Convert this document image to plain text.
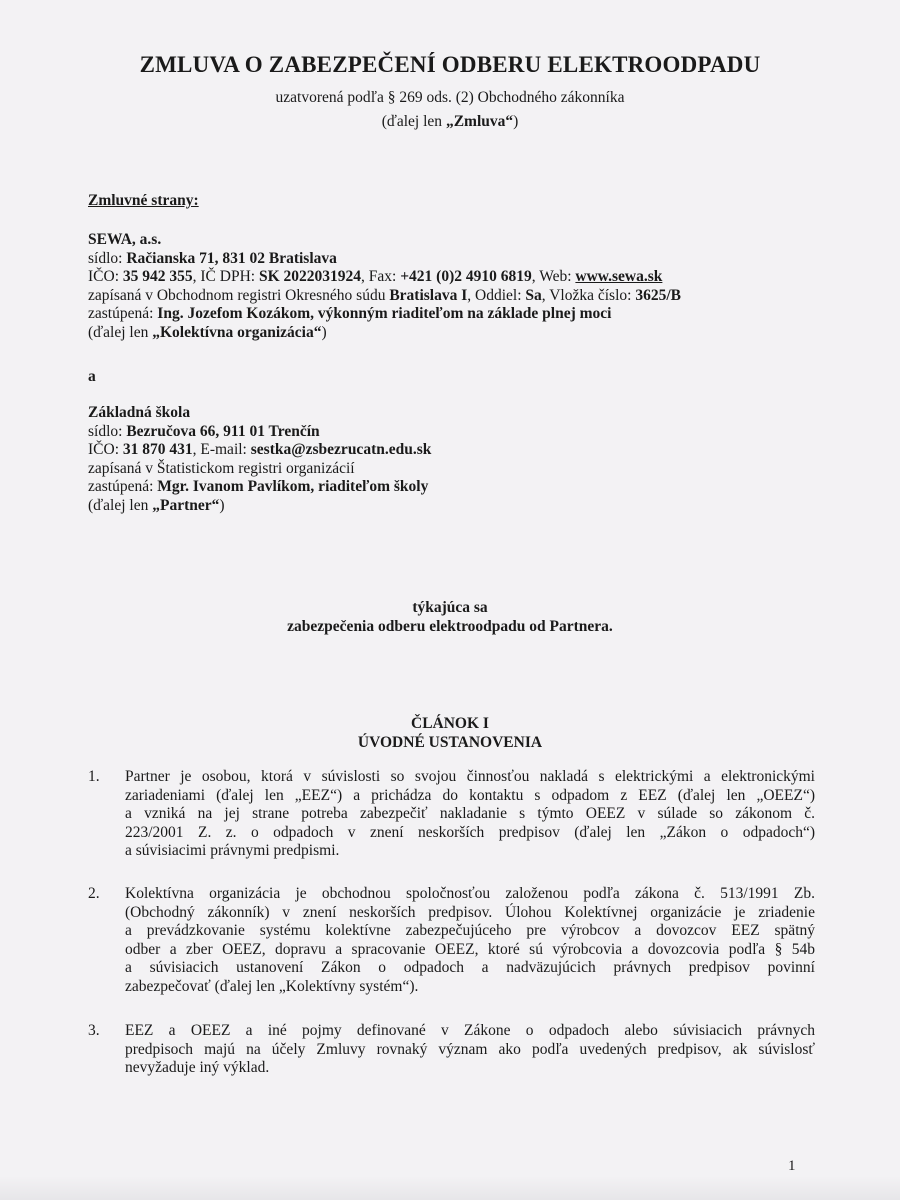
ZMLUVA O ZABEZPEČENÍ ODBERU ELEKTROODPADU
uzatvorená podľa § 269 ods. (2) Obchodného zákonníka
(ďalej len „Zmluva“)
Zmluvné strany:
SEWA, a.s.
sídlo: Račianska 71, 831 02 Bratislava
IČO: 35 942 355, IČ DPH: SK 2022031924, Fax: +421 (0)2 4910 6819, Web: www.sewa.sk
zapísaná v Obchodnom registri Okresného súdu Bratislava I, Oddiel: Sa, Vložka číslo: 3625/B
zastúpená: Ing. Jozefom Kozákom, výkonným riaditeľom na základe plnej moci
(ďalej len „Kolektívna organizácia“)
a
Základná škola
sídlo: Bezručova 66, 911 01 Trenčín
IČO: 31 870 431, E-mail: sestka@zsbezrucatn.edu.sk
zapísaná v Štatistickom registri organizácií
zastúpená: Mgr. Ivanom Pavlíkom, riaditeľom školy
(ďalej len „Partner“)
týkajúca sa
zabezpečenia odberu elektroodpadu od Partnera.
ČLÁNOK I
ÚVODNÉ USTANOVENIA
1.	Partner je osobou, ktorá v súvislosti so svojou činnosťou nakladá s elektrickými a elektronickými
zariadeniami (ďalej len „EEZ“) a prichádza do kontaktu s odpadom z EEZ (ďalej len „OEEZ“)
a vzniká na jej strane potreba zabezpečiť nakladanie s týmto OEEZ v súlade so zákonom č.
223/2001 Z. z. o odpadoch v znení neskorších predpisov (ďalej len „Zákon o odpadoch“)
a súvisiacimi právnymi predpismi.
2.	Kolektívna organizácia je obchodnou spoločnosťou založenou podľa zákona č. 513/1991 Zb.
(Obchodný zákonník) v znení neskorších predpisov. Úlohou Kolektívnej organizácie je zriadenie
a prevádzkovanie systému kolektívne zabezpečujúceho pre výrobcov a dovozcov EEZ spätný
odber a zber OEEZ, dopravu a spracovanie OEEZ, ktoré sú výrobcovia a dovozcovia podľa § 54b
a súvisiacich ustanovení Zákon o odpadoch a nadväzujúcich právnych predpisov povinní
zabezpečovať (ďalej len „Kolektívny systém“).
3.	EEZ a OEEZ a iné pojmy definované v Zákone o odpadoch alebo súvisiacich právnych
predpisoch majú na účely Zmluvy rovnaký význam ako podľa uvedených predpisov, ak súvislosť
nevyžaduje iný výklad.
1
